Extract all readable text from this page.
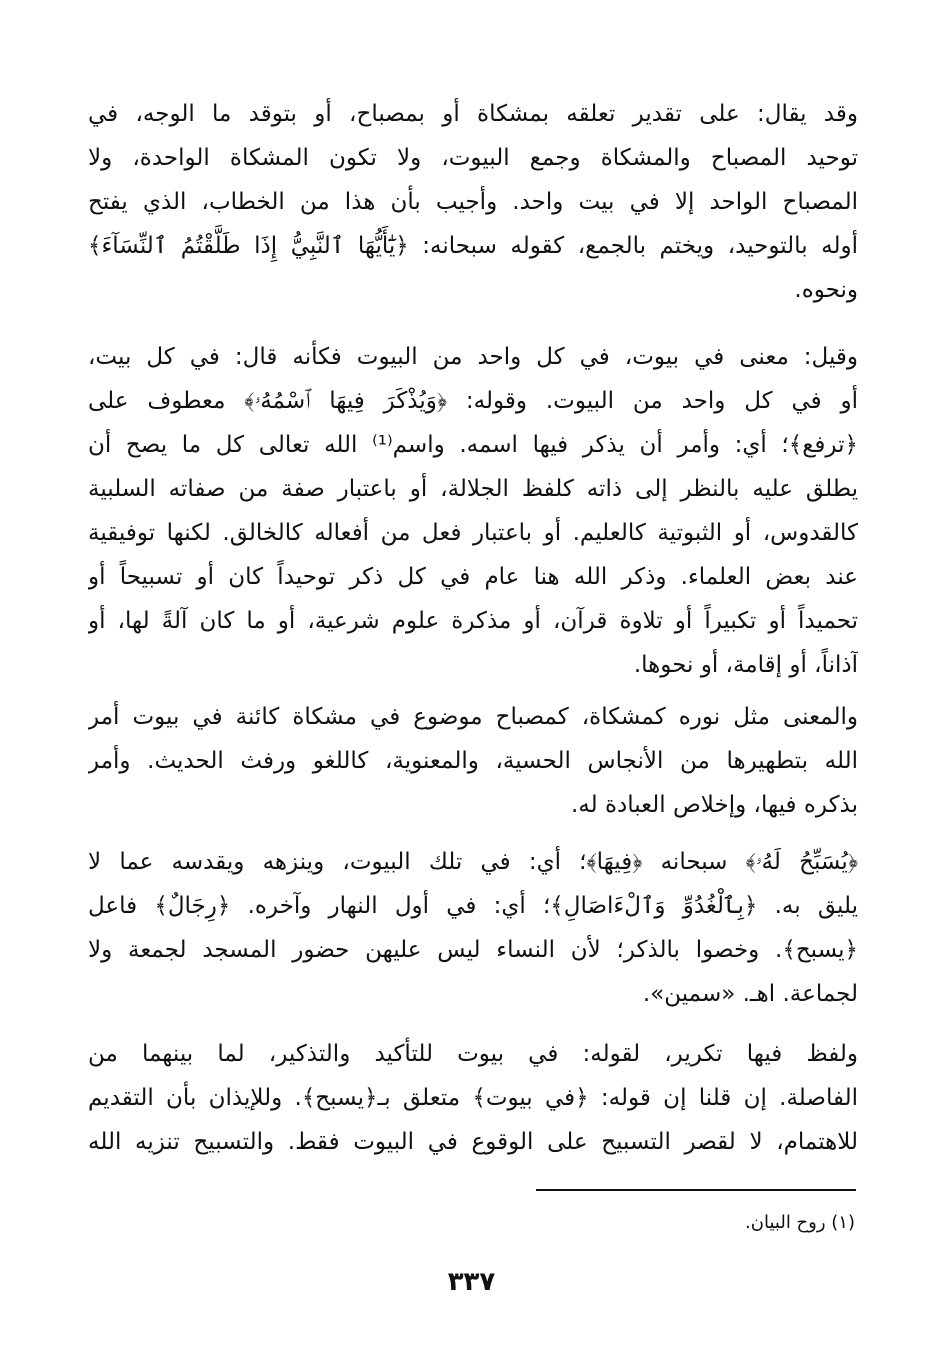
وقد يقال: على تقدير تعلقه بمشكاة أو بمصباح، أو بتوقد ما الوجه، في
توحيد المصباح والمشكاة وجمع البيوت، ولا تكون المشكاة الواحدة، ولا
المصباح الواحد إلا في بيت واحد. وأجيب بأن هذا من الخطاب، الذي يفتح
أوله بالتوحيد، ويختم بالجمع، كقوله سبحانه: ﴿يَٰٓأَيُّهَا ٱلنَّبِيُّ إِذَا طَلَّقْتُمُ ٱلنِّسَآءَ﴾
ونحوه.
وقيل: معنى في بيوت، في كل واحد من البيوت فكأنه قال: في كل بيت،
أو في كل واحد من البيوت. وقوله: ﴿وَيُذْكَرَ فِيهَا ٱسْمُهُۥ﴾ معطوف على
﴿ترفع﴾؛ أي: وأمر أن يذكر فيها اسمه. واسم⁽¹⁾ الله تعالى كل ما يصح أن
يطلق عليه بالنظر إلى ذاته كلفظ الجلالة، أو باعتبار صفة من صفاته السلبية
كالقدوس، أو الثبوتية كالعليم. أو باعتبار فعل من أفعاله كالخالق. لكنها توفيقية
عند بعض العلماء. وذكر الله هنا عام في كل ذكر توحيداً كان أو تسبيحاً أو
تحميداً أو تكبيراً أو تلاوة قرآن، أو مذكرة علوم شرعية، أو ما كان آلةً لها، أو
آذاناً، أو إقامة، أو نحوها.
والمعنى مثل نوره كمشكاة، كمصباح موضوع في مشكاة كائنة في بيوت أمر
الله بتطهيرها من الأنجاس الحسية، والمعنوية، كاللغو ورفث الحديث. وأمر
بذكره فيها، وإخلاص العبادة له.
﴿يُسَبِّحُ لَهُۥ﴾ سبحانه ﴿فِيهَا﴾؛ أي: في تلك البيوت، وينزهه ويقدسه عما لا
يليق به. ﴿بِٱلْغُدُوِّ وَٱلْءَاصَالِ﴾؛ أي: في أول النهار وآخره. ﴿رِجَالٌ﴾ فاعل
﴿يسبح﴾. وخصوا بالذكر؛ لأن النساء ليس عليهن حضور المسجد لجمعة ولا
لجماعة. اهـ. «سمين».
ولفظ فيها تكرير، لقوله: في بيوت للتأكيد والتذكير، لما بينهما من
الفاصلة. إن قلنا إن قوله: ﴿في بيوت﴾ متعلق بـ﴿يسبح﴾. وللإيذان بأن التقديم
للاهتمام، لا لقصر التسبيح على الوقوع في البيوت فقط. والتسبيح تنزيه الله
(١) روح البيان.
٣٣٧
